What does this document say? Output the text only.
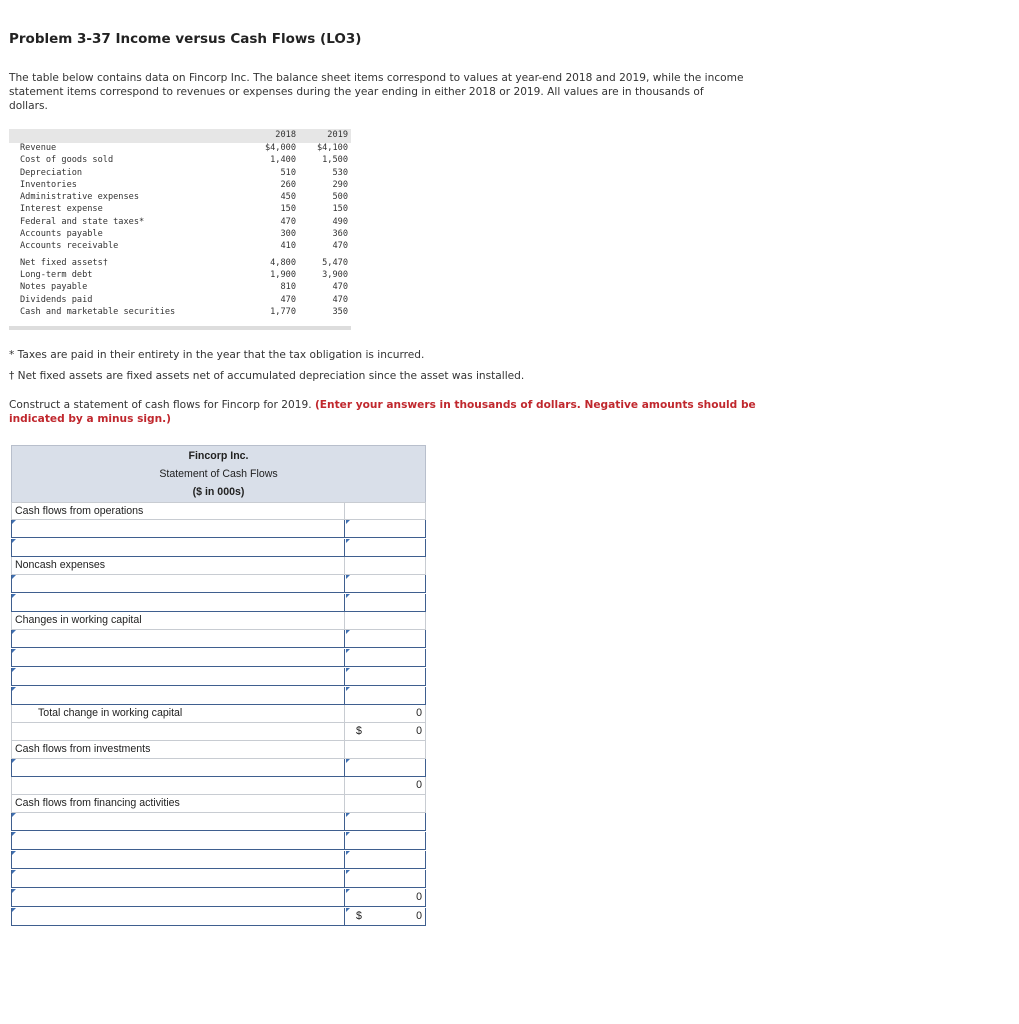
Problem 3-37 Income versus Cash Flows (LO3)
The table below contains data on Fincorp Inc. The balance sheet items correspond to values at year-end 2018 and 2019, while the income statement items correspond to revenues or expenses during the year ending in either 2018 or 2019. All values are in thousands of dollars.
	2018	2019
Revenue	$4,000	$4,100
Cost of goods sold	1,400	1,500
Depreciation	510	530
Inventories	260	290
Administrative expenses	450	500
Interest expense	150	150
Federal and state taxes*	470	490
Accounts payable	300	360
Accounts receivable	410	470
Net fixed assets†	4,800	5,470
Long-term debt	1,900	3,900
Notes payable	810	470
Dividends paid	470	470
Cash and marketable securities	1,770	350
* Taxes are paid in their entirety in the year that the tax obligation is incurred.
† Net fixed assets are fixed assets net of accumulated depreciation since the asset was installed.
Construct a statement of cash flows for Fincorp for 2019. (Enter your answers in thousands of dollars. Negative amounts should be indicated by a minus sign.)
Fincorp Inc.
Statement of Cash Flows
($ in 000s)
Cash flows from operations
Noncash expenses
Changes in working capital
Total change in working capital	0
$	0
Cash flows from investments
0
Cash flows from financing activities
0
$	0
